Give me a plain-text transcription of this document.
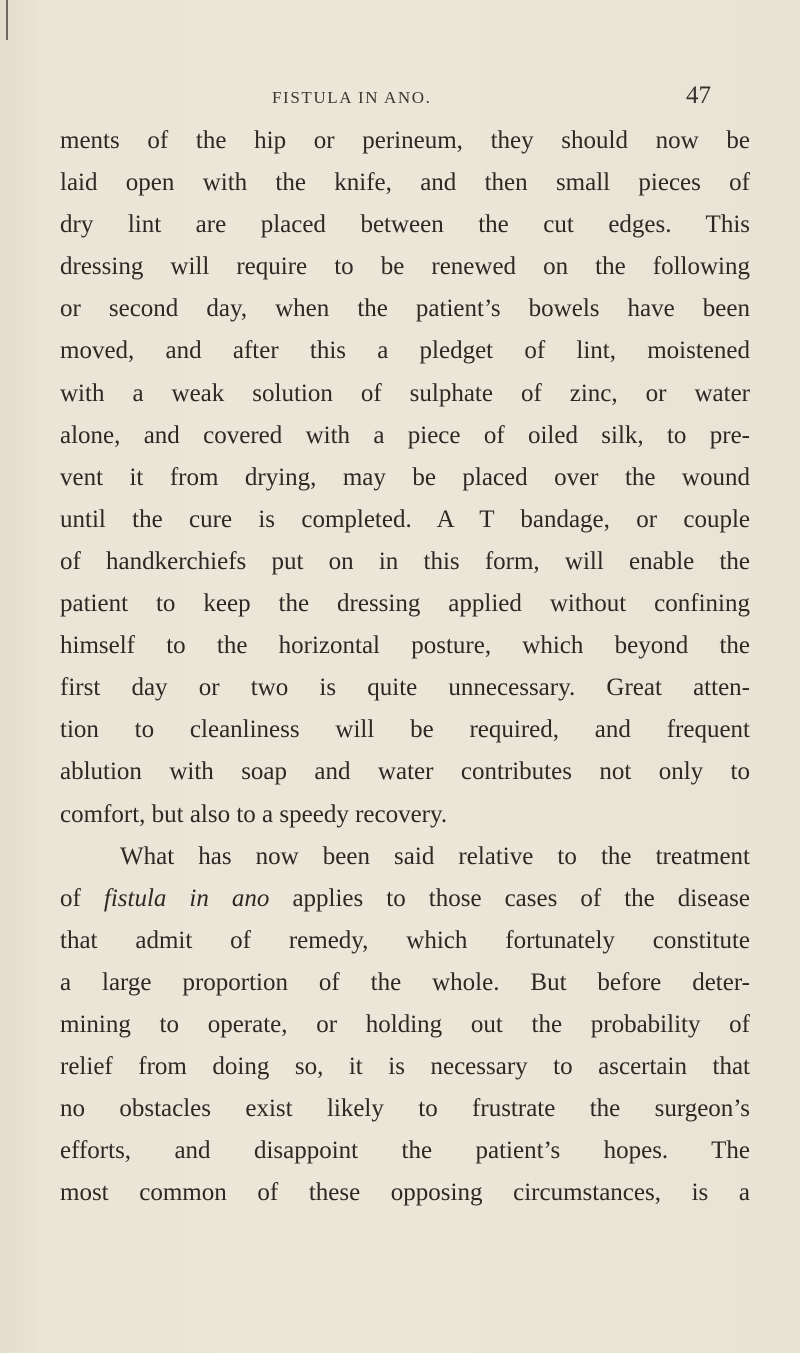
FISTULA IN ANO.	47
ments of the hip or perineum, they should now be
laid open with the knife, and then small pieces of
dry lint are placed between the cut edges. This
dressing will require to be renewed on the following
or second day, when the patient’s bowels have been
moved, and after this a pledget of lint, moistened
with a weak solution of sulphate of zinc, or water
alone, and covered with a piece of oiled silk, to pre-
vent it from drying, may be placed over the wound
until the cure is completed. A T bandage, or couple
of handkerchiefs put on in this form, will enable the
patient to keep the dressing applied without confining
himself to the horizontal posture, which beyond the
first day or two is quite unnecessary. Great atten-
tion to cleanliness will be required, and frequent
ablution with soap and water contributes not only to
comfort, but also to a speedy recovery.
What has now been said relative to the treatment
of fistula in ano applies to those cases of the disease
that admit of remedy, which fortunately constitute
a large proportion of the whole. But before deter-
mining to operate, or holding out the probability of
relief from doing so, it is necessary to ascertain that
no obstacles exist likely to frustrate the surgeon’s
efforts, and disappoint the patient’s hopes. The
most common of these opposing circumstances, is a
